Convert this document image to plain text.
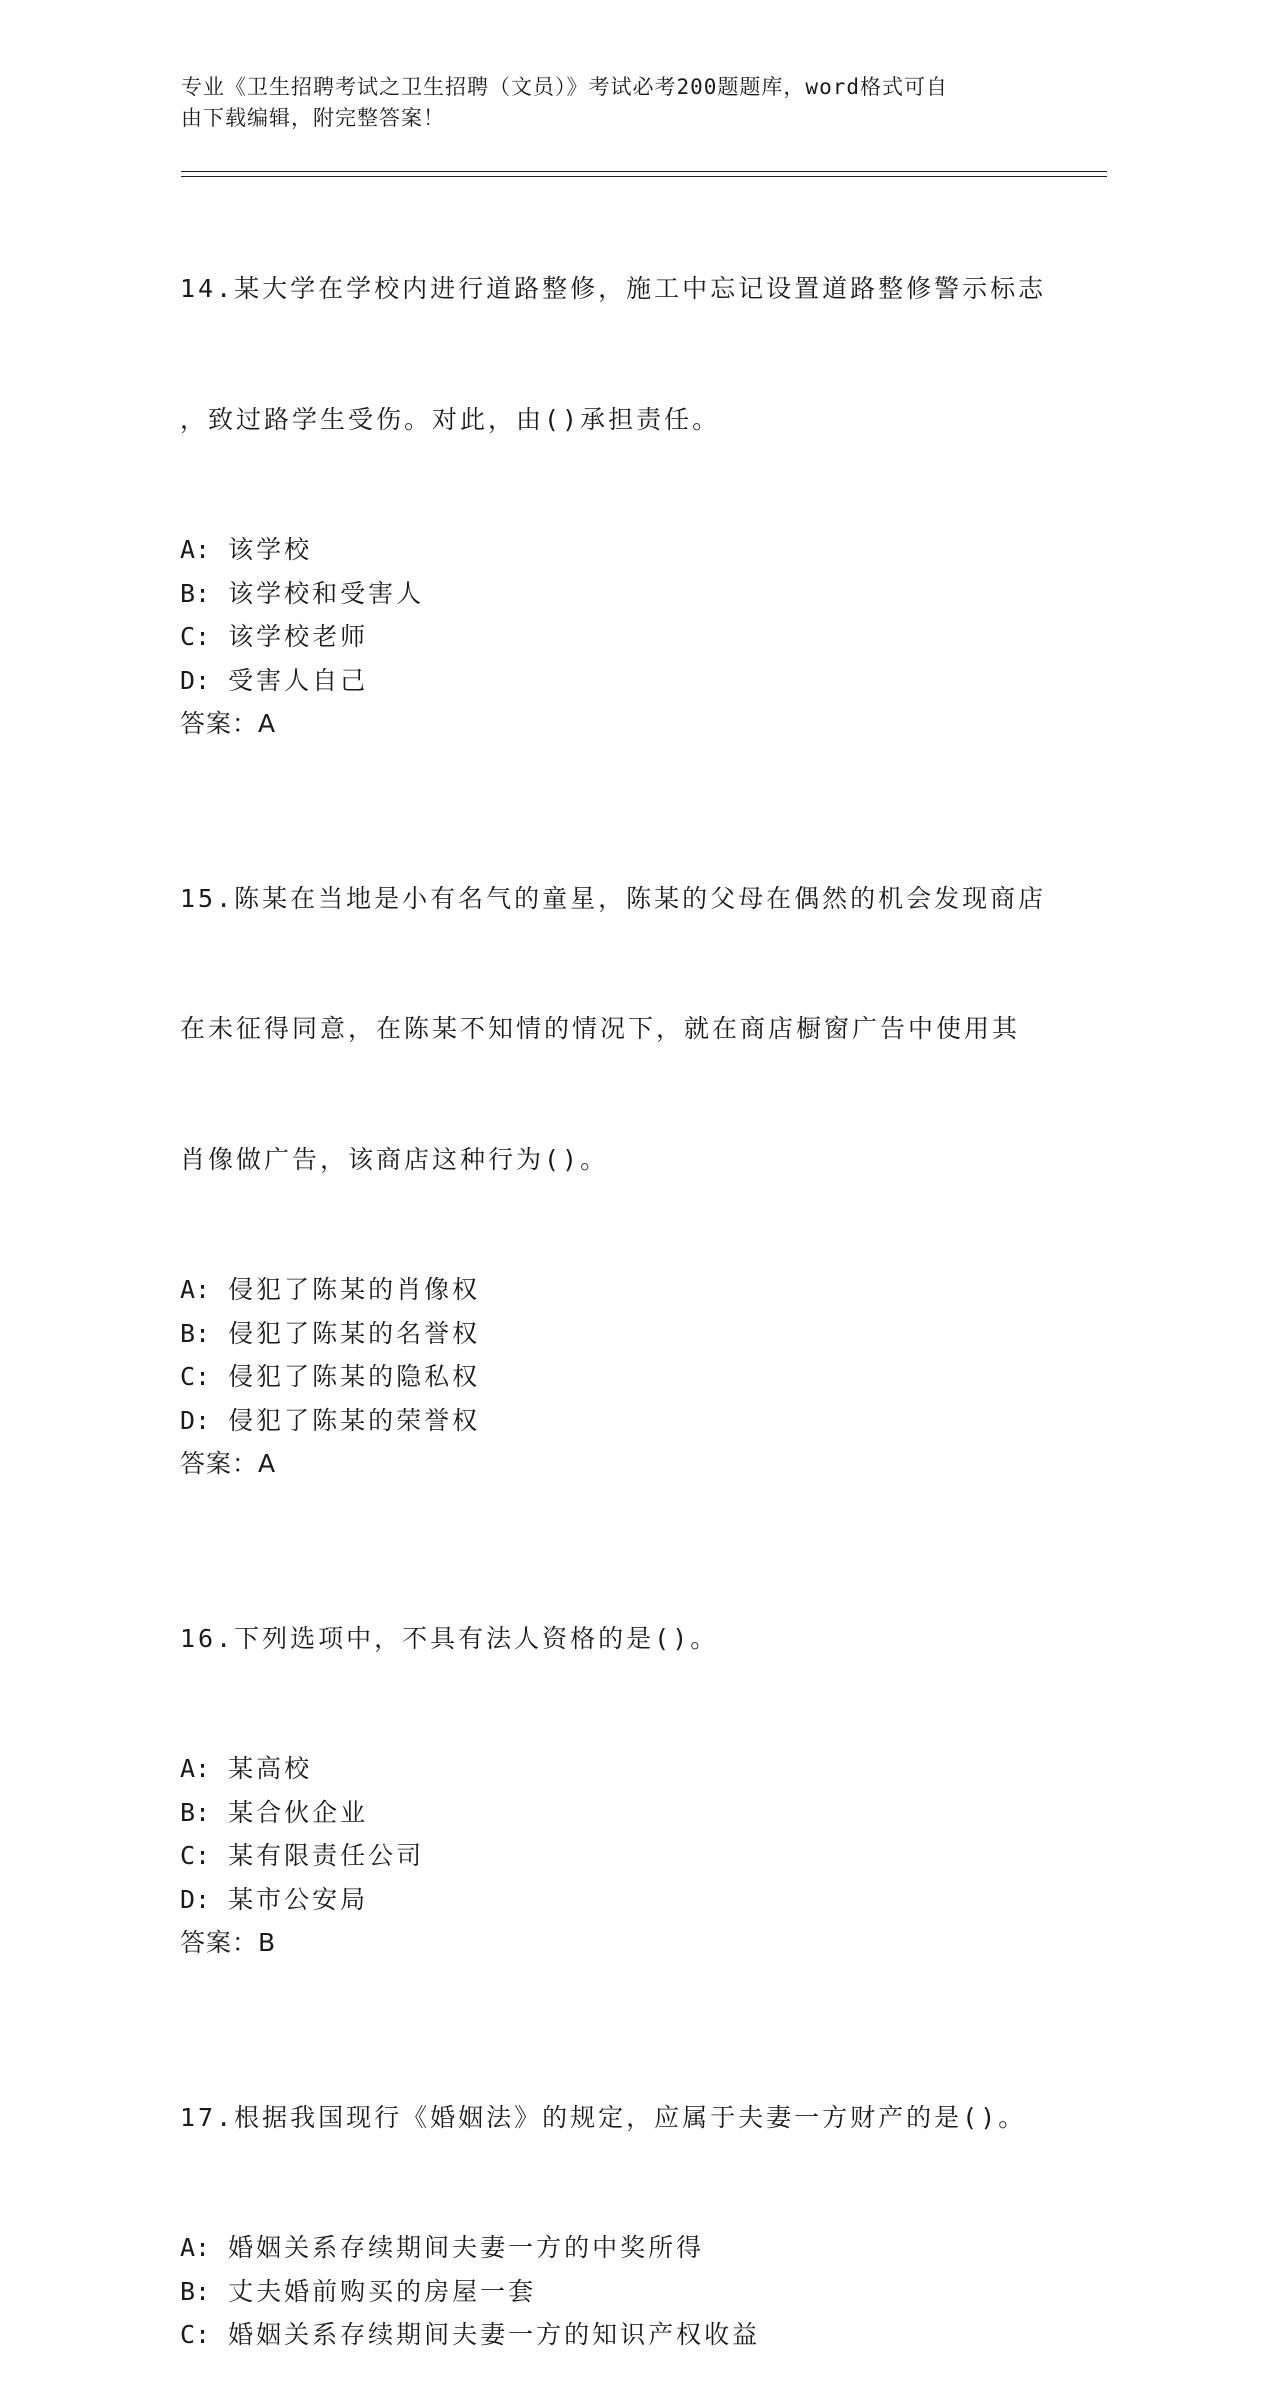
专业《卫生招聘考试之卫生招聘（文员）》考试必考200题题库，word格式可自
由下载编辑，附完整答案！

14.某大学在学校内进行道路整修，施工中忘记设置道路整修警示标志

，致过路学生受伤。对此，由()承担责任。

A: 该学校
B: 该学校和受害人
C: 该学校老师
D: 受害人自己
答案：A

15.陈某在当地是小有名气的童星，陈某的父母在偶然的机会发现商店

在未征得同意，在陈某不知情的情况下，就在商店橱窗广告中使用其

肖像做广告，该商店这种行为()。

A: 侵犯了陈某的肖像权
B: 侵犯了陈某的名誉权
C: 侵犯了陈某的隐私权
D: 侵犯了陈某的荣誉权
答案：A

16.下列选项中，不具有法人资格的是()。

A: 某高校
B: 某合伙企业
C: 某有限责任公司
D: 某市公安局
答案：B

17.根据我国现行《婚姻法》的规定，应属于夫妻一方财产的是()。

A: 婚姻关系存续期间夫妻一方的中奖所得
B: 丈夫婚前购买的房屋一套
C: 婚姻关系存续期间夫妻一方的知识产权收益
